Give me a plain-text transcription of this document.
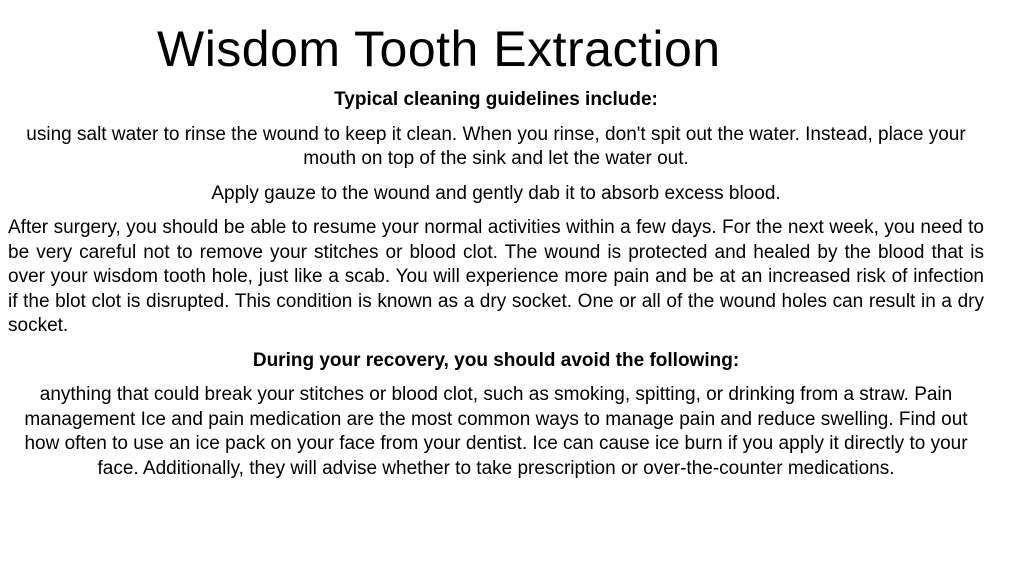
Wisdom Tooth Extraction

Typical cleaning guidelines include:

using salt water to rinse the wound to keep it clean. When you rinse, don't spit out the water. Instead, place your mouth on top of the sink and let the water out.

Apply gauze to the wound and gently dab it to absorb excess blood.

After surgery, you should be able to resume your normal activities within a few days. For the next week, you need to be very careful not to remove your stitches or blood clot. The wound is protected and healed by the blood that is over your wisdom tooth hole, just like a scab. You will experience more pain and be at an increased risk of infection if the blot clot is disrupted. This condition is known as a dry socket. One or all of the wound holes can result in a dry socket.

During your recovery, you should avoid the following:

anything that could break your stitches or blood clot, such as smoking, spitting, or drinking from a straw. Pain management Ice and pain medication are the most common ways to manage pain and reduce swelling. Find out how often to use an ice pack on your face from your dentist. Ice can cause ice burn if you apply it directly to your face. Additionally, they will advise whether to take prescription or over-the-counter medications.
